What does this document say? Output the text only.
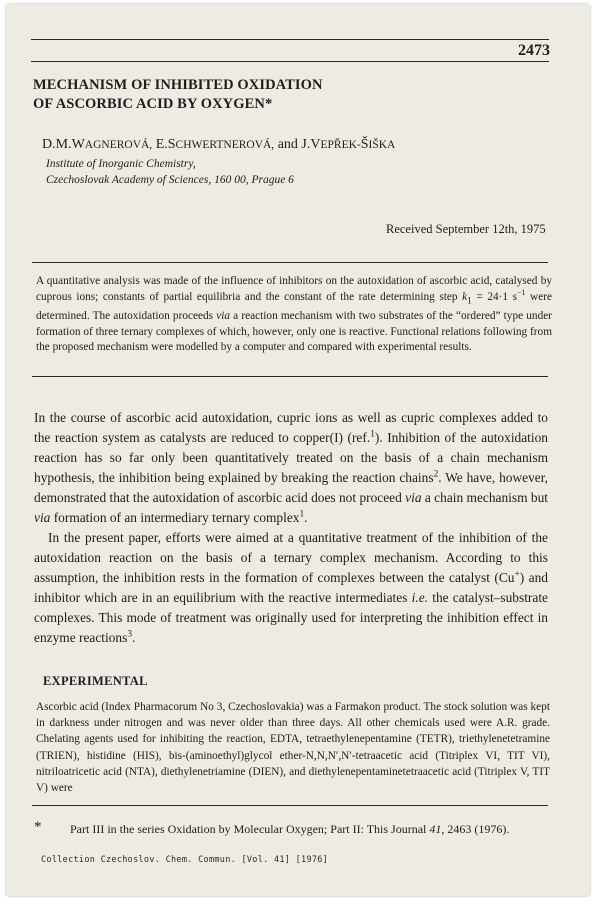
2473
MECHANISM OF INHIBITED OXIDATION
OF ASCORBIC ACID BY OXYGEN*
D.M.WAGNEROVÁ, E.SCHWERTNEROVÁ, and J.VEPŘEK-ŠIŠKA
Institute of Inorganic Chemistry,
Czechoslovak Academy of Sciences, 160 00, Prague 6
Received September 12th, 1975
A quantitative analysis was made of the influence of inhibitors on the autoxidation of ascorbic acid, catalysed by cuprous ions; constants of partial equilibria and the constant of the rate determining step $k_1 = 24\cdot 1$ $s^{-1}$ were determined. The autoxidation proceeds via a reaction mechanism with two substrates of the “ordered” type under formation of three ternary complexes of which, however, only one is reactive. Functional relations following from the proposed mechanism were modelled by a computer and compared with experimental results.

In the course of ascorbic acid autoxidation, cupric ions as well as cupric complexes added to the reaction system as catalysts are reduced to copper(I) (ref.$^1$). Inhibition of the autoxidation reaction has so far only been quantitatively treated on the basis of a chain mechanism hypothesis, the inhibition being explained by breaking the reaction chains$^2$. We have, however, demonstrated that the autoxidation of ascorbic acid does not proceed via a chain mechanism but via formation of an intermediary ternary complex$^1$.

In the present paper, efforts were aimed at a quantitative treatment of the inhibition of the autoxidation reaction on the basis of a ternary complex mechanism. According to this assumption, the inhibition rests in the formation of complexes between the catalyst (Cu+) and inhibitor which are in an equilibrium with the reactive intermediates i.e. the catalyst–substrate complexes. This mode of treatment was originally used for interpreting the inhibition effect in enzyme reactions$^3$.

EXPERIMENTAL
Ascorbic acid (Index Pharmacorum No 3, Czechoslovakia) was a Farmakon product. The stock solution was kept in darkness under nitrogen and was never older than three days. All other chemicals used were A.R. grade. Chelating agents used for inhibiting the reaction, EDTA, tetraethylenepentamine (TETR), triethylenetetramine (TRIEN), histidine (HIS), bis-(aminoethyl)glycol ether-N,N,N′,N′-tetraacetic acid (Titriplex VI, TIT VI), nitriloatricetic acid (NTA), diethylenetriamine (DIEN), and diethylenepentaminetetraacetic acid (Titriplex V, TIT V) were
* Part III in the series Oxidation by Molecular Oxygen; Part II: This Journal 41, 2463 (1976).
Collection Czechoslov. Chem. Commun. [Vol. 41] [1976]
